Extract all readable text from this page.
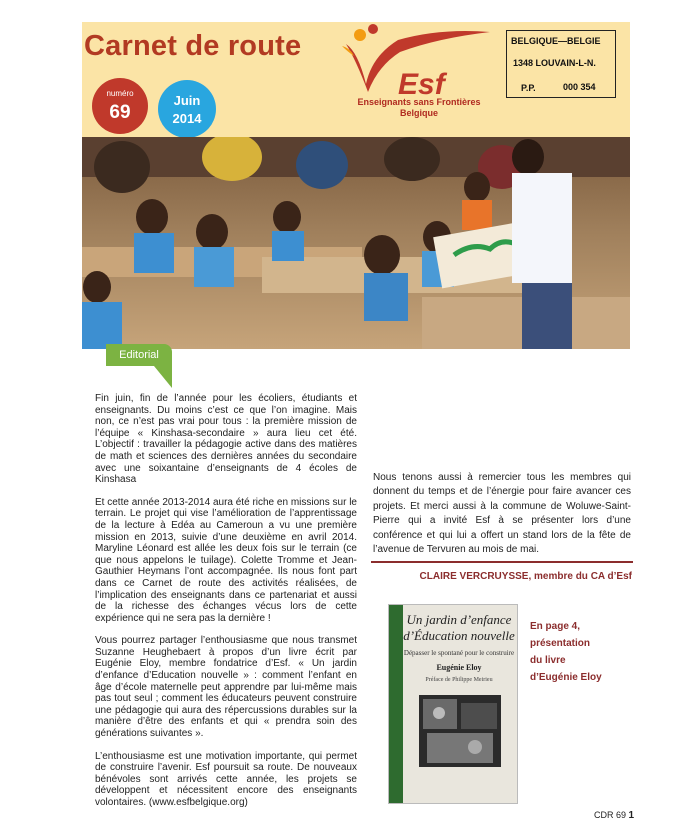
Carnet de route
numéro
69
Juin
2014
Esf
Enseignants sans Frontières
Belgique
BELGIQUE—BELGIE
1348 LOUVAIN-L-N.
P.P.	000 354
Editorial

Fin juin, fin de l’année pour les écoliers, étudiants et enseignants. Du moins c’est ce que l’on imagine. Mais non, ce n’est pas vrai pour tous : la première mission de l’équipe « Kinshasa-secondaire » aura lieu cet été. L’objectif : travailler la pédagogie active dans des matières de math et sciences des dernières années du secondaire avec une soixantaine d’enseignants de 4 écoles de Kinshasa

Et cette année 2013-2014 aura été riche en missions sur le terrain. Le projet qui vise l’amélioration de l’apprentissage de la lecture à Edéa au Cameroun a vu une première mission en 2013, suivie d’une deuxième en avril 2014. Maryline Léonard est allée les deux fois sur le terrain (ce que nous appelons le tuilage). Colette Tromme et Jean-Gauthier Heymans l’ont accompagnée. Ils nous font part dans ce Carnet de route des activités réalisées, de l’implication des enseignants dans ce partenariat et aussi de la richesse des échanges vécus lors de cette expérience qui ne sera pas la dernière !

Vous pourrez partager l’enthousiasme que nous transmet Suzanne Heughebaert à propos d’un livre écrit par Eugénie Eloy, membre fondatrice d’Esf. « Un jardin d’enfance d’Education nouvelle » : comment l’enfant en âge d’école maternelle peut apprendre par lui-même mais pas tout seul ; comment les éducateurs peuvent construire une pédagogie qui aura des répercussions durables sur la manière d’être des enfants et qui « prendra soin des générations suivantes ».

L’enthousiasme est une motivation importante, qui permet de construire l’avenir. Esf poursuit sa route. De nouveaux bénévoles sont arrivés cette année, les projets se développent et nécessitent encore des enseignants volontaires. (www.esfbelgique.org)

Nous tenons aussi à remercier tous les membres qui donnent du temps et de l’énergie pour faire avancer ces projets. Et merci aussi à la commune de Woluwe-Saint-Pierre qui a invité Esf à se présenter lors d’une conférence et qui lui a offert un stand lors de la fête de l’avenue de Tervuren au mois de mai.
CLAIRE VERCRUYSSE, membre du CA d’Esf
Un jardin d’enfance
d’Éducation nouvelle
Dépasser le spontané pour le construire
Eugénie Eloy
Préface de Philippe Meirieu
En page 4,
présentation
du livre
d’Eugénie Eloy
CDR 69 1
